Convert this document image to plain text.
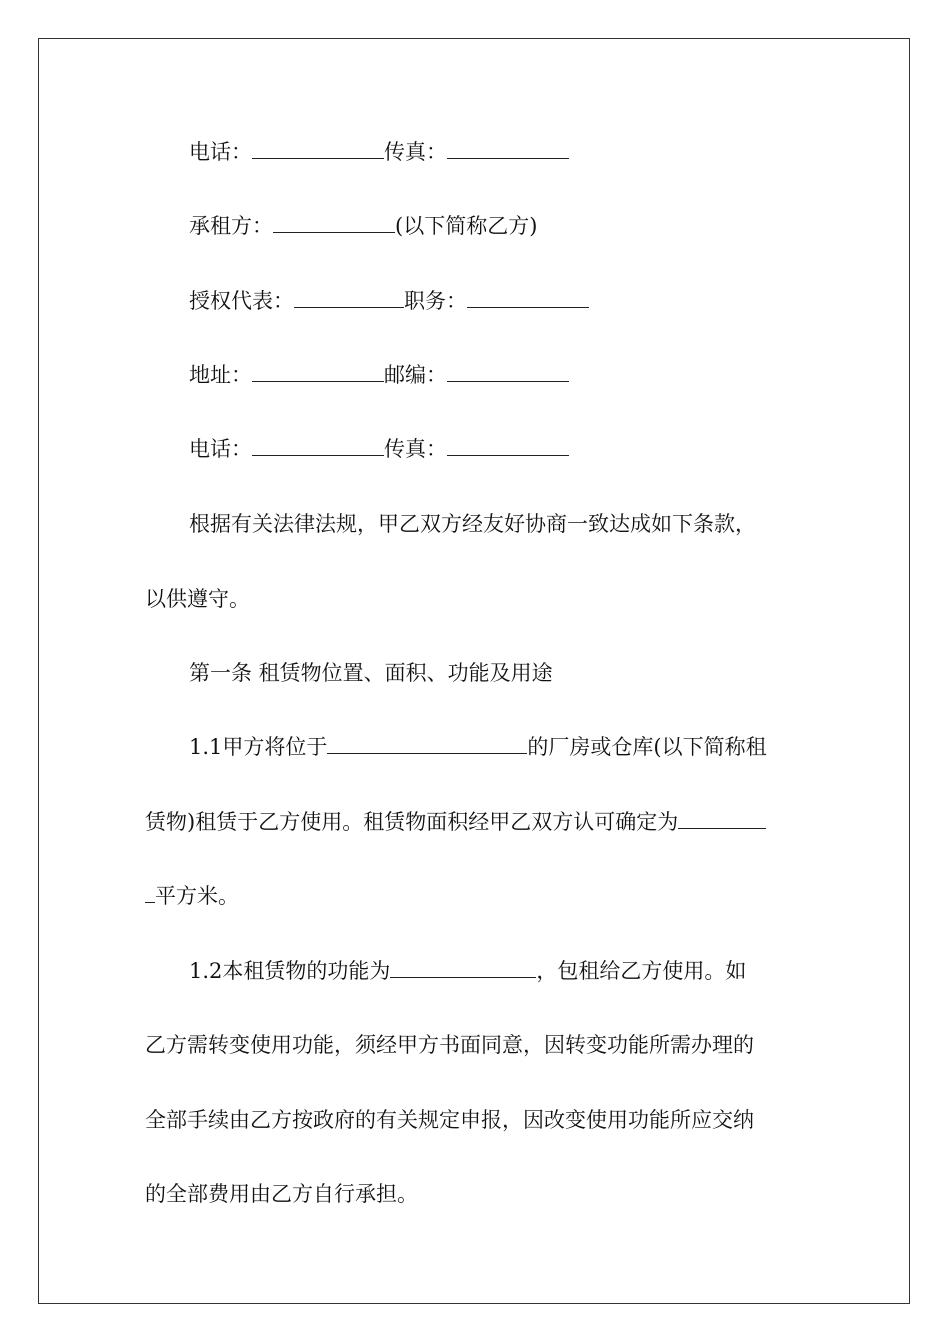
电话：	传真：
承租方：	(以下简称乙方)
授权代表：	职务：
地址：	邮编：
电话：	传真：
根据有关法律法规，甲乙双方经友好协商一致达成如下条款，
以供遵守。
第一条 租赁物位置、面积、功能及用途
1.1甲方将位于	的厂房或仓库(以下简称租
赁物)租赁于乙方使用。租赁物面积经甲乙双方认可确定为
平方米。
1.2本租赁物的功能为	，包租给乙方使用。如
乙方需转变使用功能，须经甲方书面同意，因转变功能所需办理的
全部手续由乙方按政府的有关规定申报，因改变使用功能所应交纳
的全部费用由乙方自行承担。
